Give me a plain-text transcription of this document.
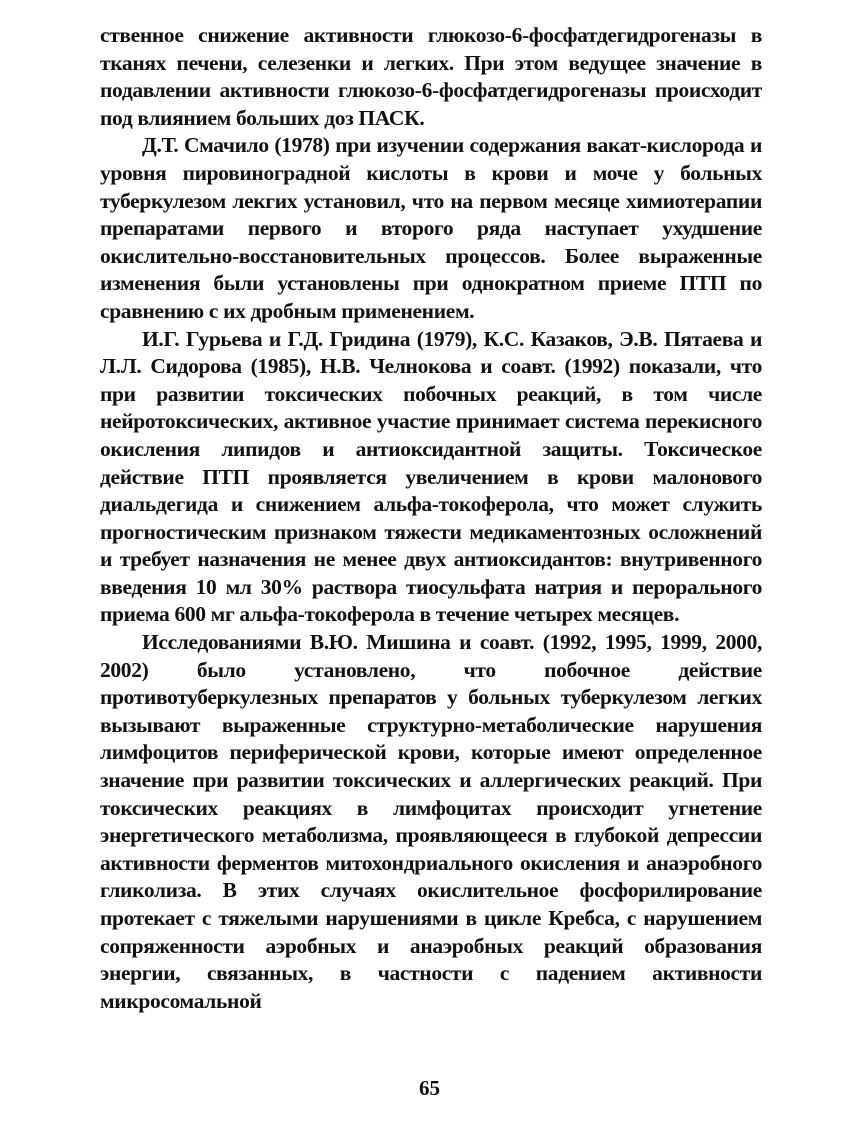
ственное снижение активности глюкозо-6-фосфатдегидрогеназы в тканях печени, селезенки и легких. При этом ведущее значение в подавлении активности глюкозо-6-фосфатдегидрогеназы происходит под влиянием больших доз ПАСК.

Д.Т. Смачило (1978) при изучении содержания вакат-кислорода и уровня пировиноградной кислоты в крови и моче у больных туберкулезом лекгих установил, что на первом месяце химиотерапии препаратами первого и второго ряда наступает ухудшение окислительно-восстановительных процессов. Более выраженные изменения были установлены при однократном приеме ПТП по сравнению с их дробным применением.

И.Г. Гурьева и Г.Д. Гридина (1979), К.С. Казаков, Э.В. Пятаева и Л.Л. Сидорова (1985), Н.В. Челнокова и соавт. (1992) показали, что при развитии токсических побочных реакций, в том числе нейротоксических, активное участие принимает система перекисного окисления липидов и антиоксидантной защиты. Токсическое действие ПТП проявляется увеличением в крови малонового диальдегида и снижением альфа-токоферола, что может служить прогностическим признаком тяжести медикаментозных осложнений и требует назначения не менее двух антиоксидантов: внутривенного введения 10 мл 30% раствора тиосульфата натрия и перорального приема 600 мг альфа-токоферола в течение четырех месяцев.

Исследованиями В.Ю. Мишина и соавт. (1992, 1995, 1999, 2000, 2002) было установлено, что побочное действие противотуберкулезных препаратов у больных туберкулезом легких вызывают выраженные структурно-метаболические нарушения лимфоцитов периферической крови, которые имеют определенное значение при развитии токсических и аллергических реакций. При токсических реакциях в лимфоцитах происходит угнетение энергетического метаболизма, проявляющееся в глубокой депрессии активности ферментов митохондриального окисления и анаэробного гликолиза. В этих случаях окислительное фосфорилирование протекает с тяжелыми нарушениями в цикле Кребса, с нарушением сопряженности аэробных и анаэробных реакций образования энергии, связанных, в частности с падением активности микросомальной

65
